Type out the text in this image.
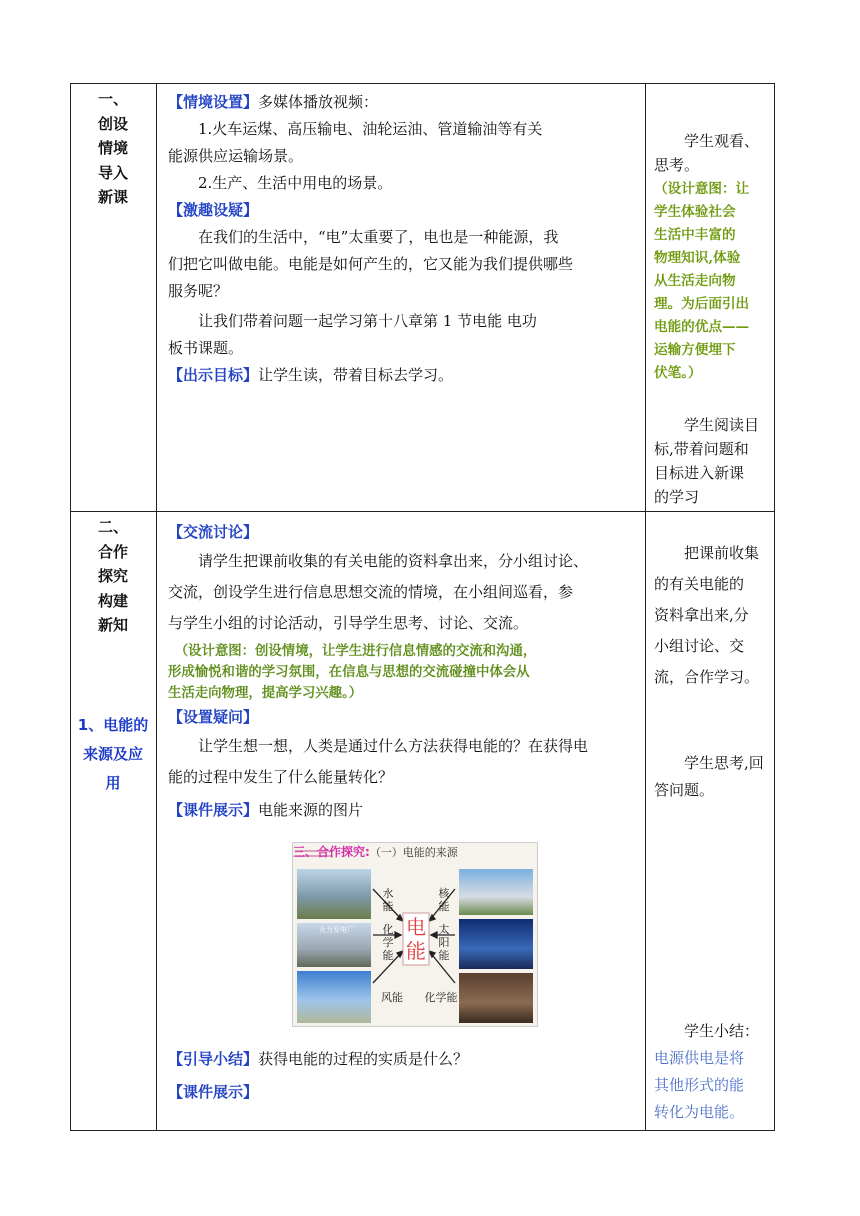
一、
创设
情境
导入
新课

【情境设置】多媒体播放视频：

1.火车运煤、高压输电、油轮运油、管道输油等有关

能源供应运输场景。

2.生产、生活中用电的场景。

【激趣设疑】

在我们的生活中，“电”太重要了，电也是一种能源，我

们把它叫做电能。电能是如何产生的，它又能为我们提供哪些

服务呢？

让我们带着问题一起学习第十八章第 1 节电能 电功

板书课题。

【出示目标】让学生读，带着目标去学习。

学生观看、

思考。

（设计意图：让
学生体验社会
生活中丰富的
物理知识,体验
从生活走向物
理。为后面引出
电能的优点——
运输方便埋下
伏笔。）

学生阅读目

标,带着问题和

目标进入新课

的学习

二、
合作
探究
构建
新知
1、电能的
来源及应
用

【交流讨论】

请学生把课前收集的有关电能的资料拿出来，分小组讨论、

交流，创设学生进行信息思想交流的情境，在小组间巡看，参

与学生小组的讨论活动，引导学生思考、讨论、交流。

（设计意图：创设情境，让学生进行信息情感的交流和沟通，
形成愉悦和谐的学习氛围，在信息与思想的交流碰撞中体会从
生活走向物理，提高学习兴趣。）

【设置疑问】

让学生想一想，人类是通过什么方法获得电能的？在获得电

能的过程中发生了什么能量转化？

【课件展示】电能来源的图片

【引导小结】获得电能的过程的实质是什么？

【课件展示】

把课前收集

的有关电能的

资料拿出来,分

小组讨论、交

流，合作学习。

学生思考,回

答问题。

学生小结：

电源供电是将

其他形式的能

转化为电能。

三、合作探究:（一）电能的来源
火力发电厂
水能
化学能
风能
核能
太阳能
化学能
电能
